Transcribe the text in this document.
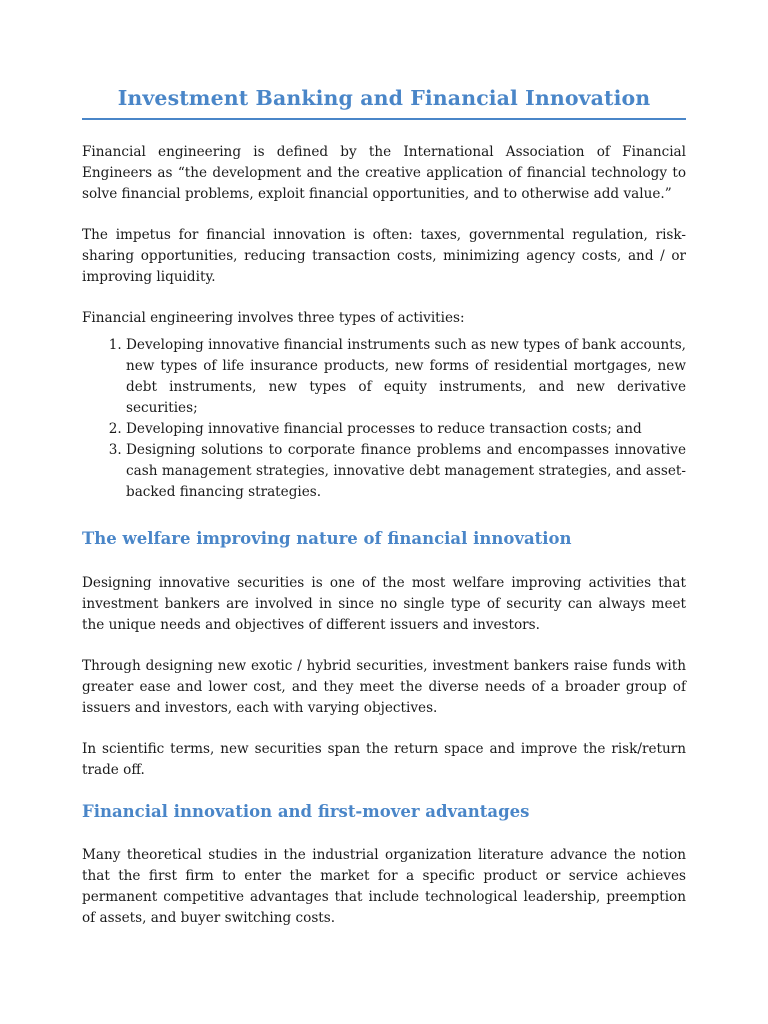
Investment Banking and Financial Innovation

Financial engineering is defined by the International Association of Financial Engineers as “the development and the creative application of financial technology to solve financial problems, exploit financial opportunities, and to otherwise add value.”

The impetus for financial innovation is often: taxes, governmental regulation, risk-sharing opportunities, reducing transaction costs, minimizing agency costs, and / or improving liquidity.

Financial engineering involves three types of activities:

1. Developing innovative financial instruments such as new types of bank accounts, new types of life insurance products, new forms of residential mortgages, new debt instruments, new types of equity instruments, and new derivative securities;
2. Developing innovative financial processes to reduce transaction costs; and
3. Designing solutions to corporate finance problems and encompasses innovative cash management strategies, innovative debt management strategies, and asset-backed financing strategies.
The welfare improving nature of financial innovation

Designing innovative securities is one of the most welfare improving activities that investment bankers are involved in since no single type of security can always meet the unique needs and objectives of different issuers and investors.

Through designing new exotic / hybrid securities, investment bankers raise funds with greater ease and lower cost, and they meet the diverse needs of a broader group of issuers and investors, each with varying objectives.

In scientific terms, new securities span the return space and improve the risk/return trade off.

Financial innovation and first-mover advantages

Many theoretical studies in the industrial organization literature advance the notion that the first firm to enter the market for a specific product or service achieves permanent competitive advantages that include technological leadership, preemption of assets, and buyer switching costs.
